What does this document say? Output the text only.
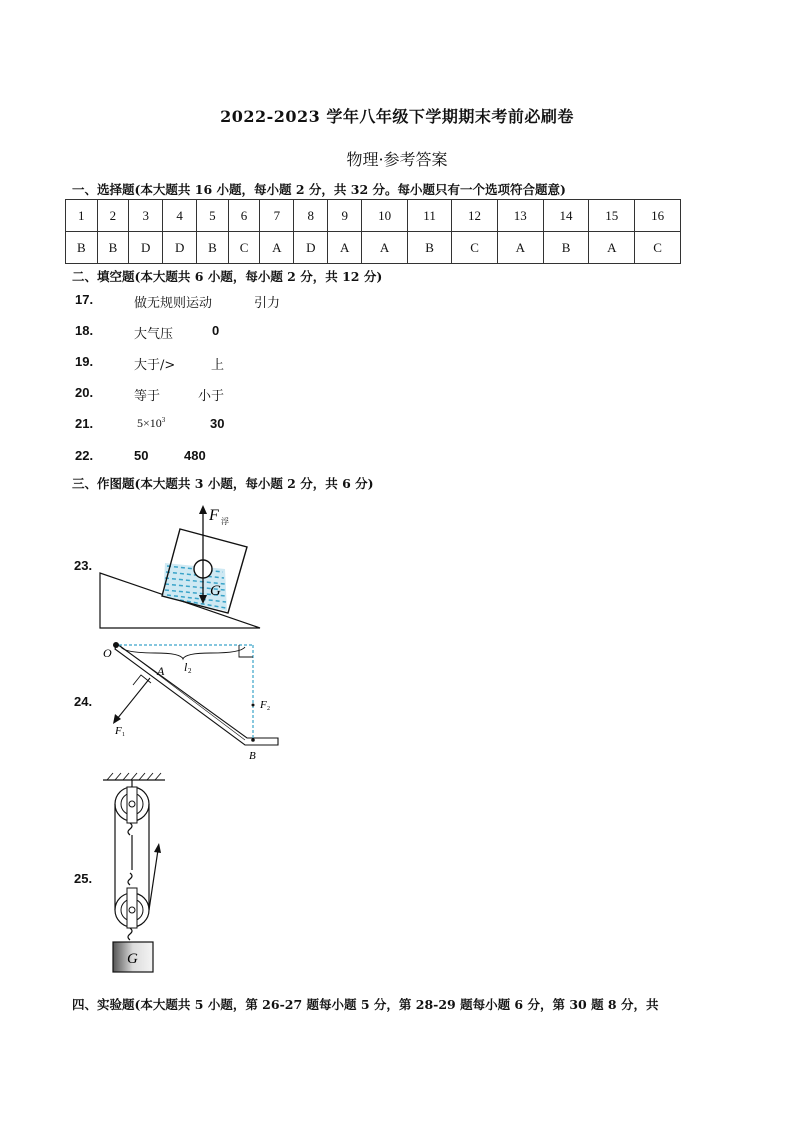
2022-2023 学年八年级下学期期末考前必刷卷
物理·参考答案
一、选择题(本大题共 16 小题，每小题 2 分，共 32 分。每小题只有一个选项符合题意)
1	2	3	4	5	6	7	8	9	10	11	12	13	14	15	16
B	B	D	D	B	C	A	D	A	A	B	C	A	B	A	C
二、填空题(本大题共 6 小题，每小题 2 分，共 12 分)
17.	做无规则运动	引力
18.	大气压	0
19.	大于/>	上
20.	等于	小于
21.	$5\times 10^3$	30
22.	50	480
三、作图题(本大题共 3 小题，每小题 2 分，共 6 分)
23.
F 浮
G
24.
O
l 2
A
F 1
B
F 2
25.
G
四、实验题(本大题共 5 小题，第 26-27 题每小题 5 分，第 28-29 题每小题 6 分，第 30 题 8 分，共
